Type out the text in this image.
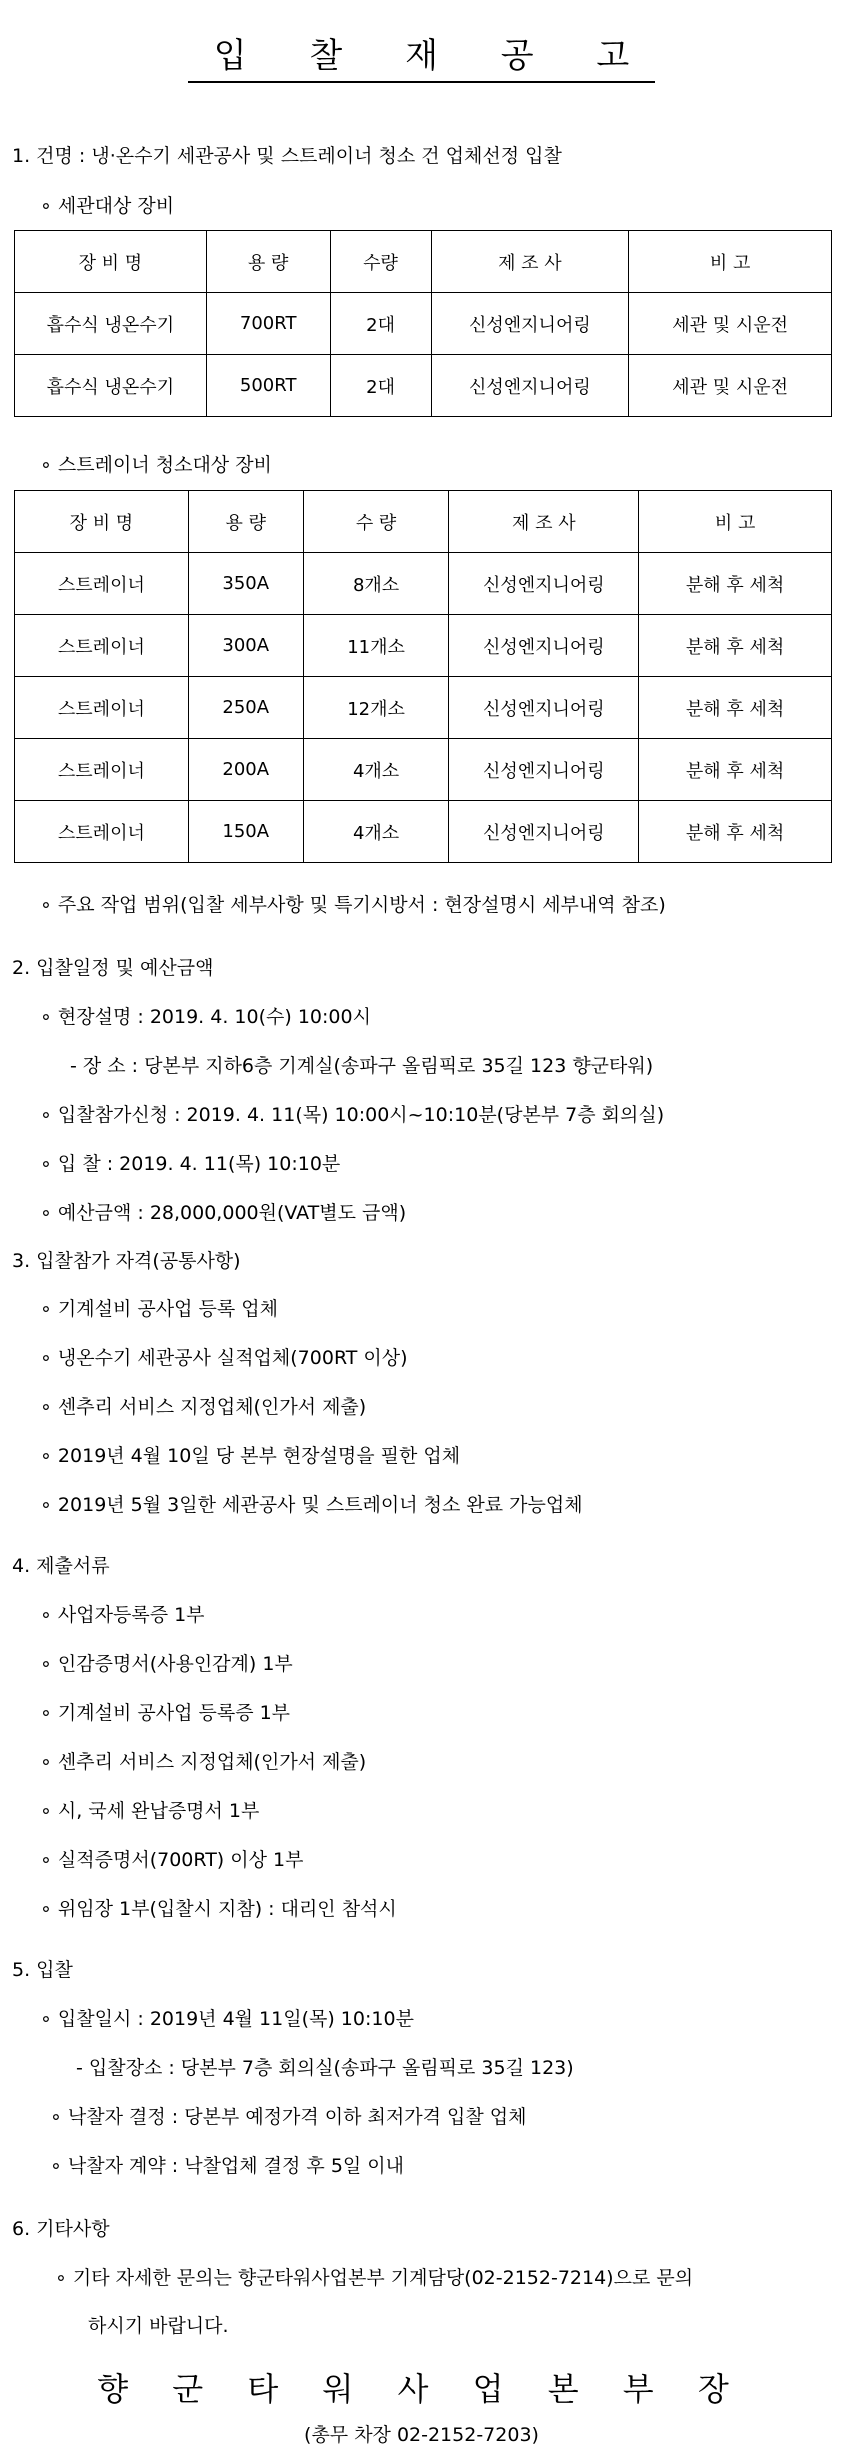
입 찰 재 공 고
1. 건명 : 냉·온수기 세관공사 및 스트레이너 청소 건 업체선정 입찰
∘ 세관대상 장비
장 비 명	용 량	수량	제 조 사	비 고
흡수식 냉온수기	700RT	2대	신성엔지니어링	세관 및 시운전
흡수식 냉온수기	500RT	2대	신성엔지니어링	세관 및 시운전
∘ 스트레이너 청소대상 장비
장 비 명	용 량	수 량	제 조 사	비 고
스트레이너	350A	8개소	신성엔지니어링	분해 후 세척
스트레이너	300A	11개소	신성엔지니어링	분해 후 세척
스트레이너	250A	12개소	신성엔지니어링	분해 후 세척
스트레이너	200A	4개소	신성엔지니어링	분해 후 세척
스트레이너	150A	4개소	신성엔지니어링	분해 후 세척
∘ 주요 작업 범위(입찰 세부사항 및 특기시방서 : 현장설명시 세부내역 참조)
2. 입찰일정 및 예산금액
∘ 현장설명 : 2019. 4. 10(수) 10:00시
- 장 소 : 당본부 지하6층 기계실(송파구 올림픽로 35길 123 향군타워)
∘ 입찰참가신청 : 2019. 4. 11(목) 10:00시~10:10분(당본부 7층 회의실)
∘ 입 찰 : 2019. 4. 11(목) 10:10분
∘ 예산금액 : 28,000,000원(VAT별도 금액)
3. 입찰참가 자격(공통사항)
∘ 기계설비 공사업 등록 업체
∘ 냉온수기 세관공사 실적업체(700RT 이상)
∘ 센추리 서비스 지정업체(인가서 제출)
∘ 2019년 4월 10일 당 본부 현장설명을 필한 업체
∘ 2019년 5월 3일한 세관공사 및 스트레이너 청소 완료 가능업체
4. 제출서류
∘ 사업자등록증 1부
∘ 인감증명서(사용인감계) 1부
∘ 기계설비 공사업 등록증 1부
∘ 센추리 서비스 지정업체(인가서 제출)
∘ 시, 국세 완납증명서 1부
∘ 실적증명서(700RT) 이상 1부
∘ 위임장 1부(입찰시 지참) : 대리인 참석시
5. 입찰
∘ 입찰일시 : 2019년 4월 11일(목) 10:10분
- 입찰장소 : 당본부 7층 회의실(송파구 올림픽로 35길 123)
∘ 낙찰자 결정 : 당본부 예정가격 이하 최저가격 입찰 업체
∘ 낙찰자 계약 : 낙찰업체 결정 후 5일 이내
6. 기타사항
∘ 기타 자세한 문의는 향군타워사업본부 기계담당(02-2152-7214)으로 문의
하시기 바랍니다.
향 군 타 워 사 업 본 부 장
(총무 차장 02-2152-7203)
